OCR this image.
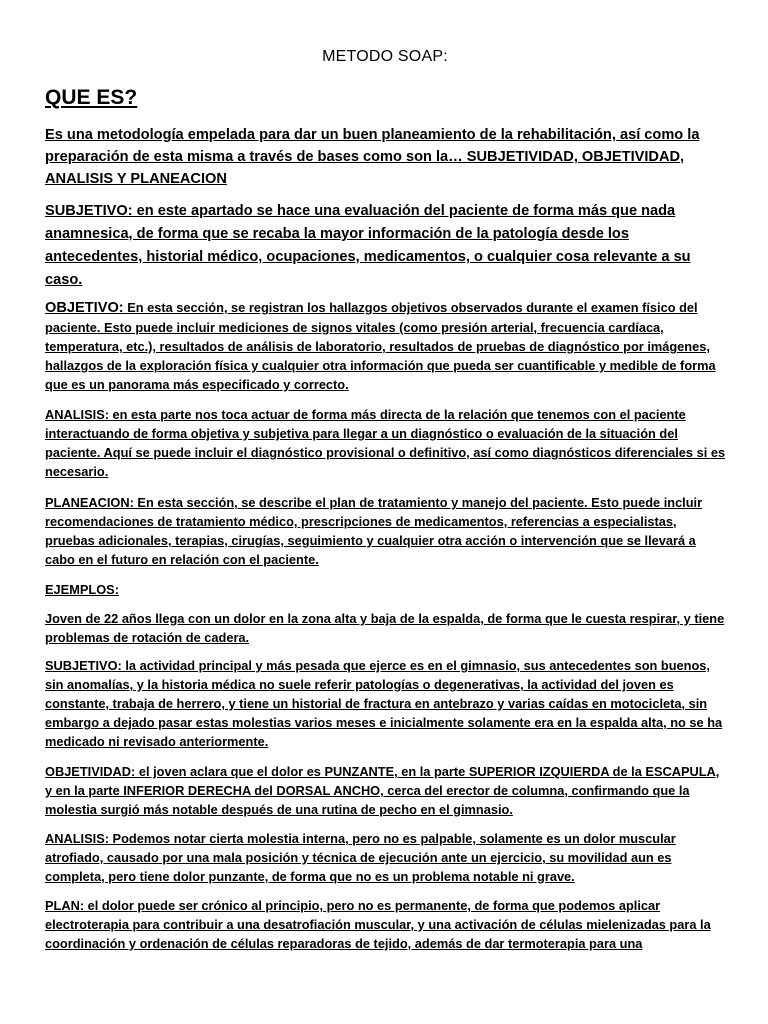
METODO SOAP:
QUE ES?

Es una metodología empelada para dar un buen planeamiento de la rehabilitación, así como la preparación de esta misma a través de bases como son la… SUBJETIVIDAD, OBJETIVIDAD, ANALISIS Y PLANEACION

SUBJETIVO: en este apartado se hace una evaluación del paciente de forma más que nada anamnesica, de forma que se recaba la mayor información de la patología desde los antecedentes, historial médico, ocupaciones, medicamentos, o cualquier cosa relevante a su caso.

OBJETIVO: En esta sección, se registran los hallazgos objetivos observados durante el examen físico del paciente. Esto puede incluir mediciones de signos vitales (como presión arterial, frecuencia cardíaca, temperatura, etc.), resultados de análisis de laboratorio, resultados de pruebas de diagnóstico por imágenes, hallazgos de la exploración física y cualquier otra información que pueda ser cuantificable y medible de forma que es un panorama más especificado y correcto.

ANALISIS: en esta parte nos toca actuar de forma más directa de la relación que tenemos con el paciente interactuando de forma objetiva y subjetiva para llegar a un diagnóstico o evaluación de la situación del paciente. Aquí se puede incluir el diagnóstico provisional o definitivo, así como diagnósticos diferenciales si es necesario.

PLANEACION: En esta sección, se describe el plan de tratamiento y manejo del paciente. Esto puede incluir recomendaciones de tratamiento médico, prescripciones de medicamentos, referencias a especialistas, pruebas adicionales, terapias, cirugías, seguimiento y cualquier otra acción o intervención que se llevará a cabo en el futuro en relación con el paciente.

EJEMPLOS:

Joven de 22 años llega con un dolor en la zona alta y baja de la espalda, de forma que le cuesta respirar, y tiene problemas de rotación de cadera.

SUBJETIVO: la actividad principal y más pesada que ejerce es en el gimnasio, sus antecedentes son buenos, sin anomalías, y la historia médica no suele referir patologías o degenerativas, la actividad del joven es constante, trabaja de herrero, y tiene un historial de fractura en antebrazo y varias caídas en motocicleta, sin embargo a dejado pasar estas molestias varios meses e inicialmente solamente era en la espalda alta, no se ha medicado ni revisado anteriormente.

OBJETIVIDAD: el joven aclara que el dolor es PUNZANTE, en la parte SUPERIOR IZQUIERDA de la ESCAPULA, y en la parte INFERIOR DERECHA del DORSAL ANCHO, cerca del erector de columna, confirmando que la molestia surgió más notable después de una rutina de pecho en el gimnasio.

ANALISIS: Podemos notar cierta molestia interna, pero no es palpable, solamente es un dolor muscular atrofiado, causado por una mala posición y técnica de ejecución ante un ejercicio, su movilidad aun es completa, pero tiene dolor punzante, de forma que no es un problema notable ni grave.

PLAN: el dolor puede ser crónico al principio, pero no es permanente, de forma que podemos aplicar electroterapia para contribuir a una desatrofiación muscular, y una activación de células mielenizadas para la coordinación y ordenación de células reparadoras de tejido, además de dar termoterapia para una
